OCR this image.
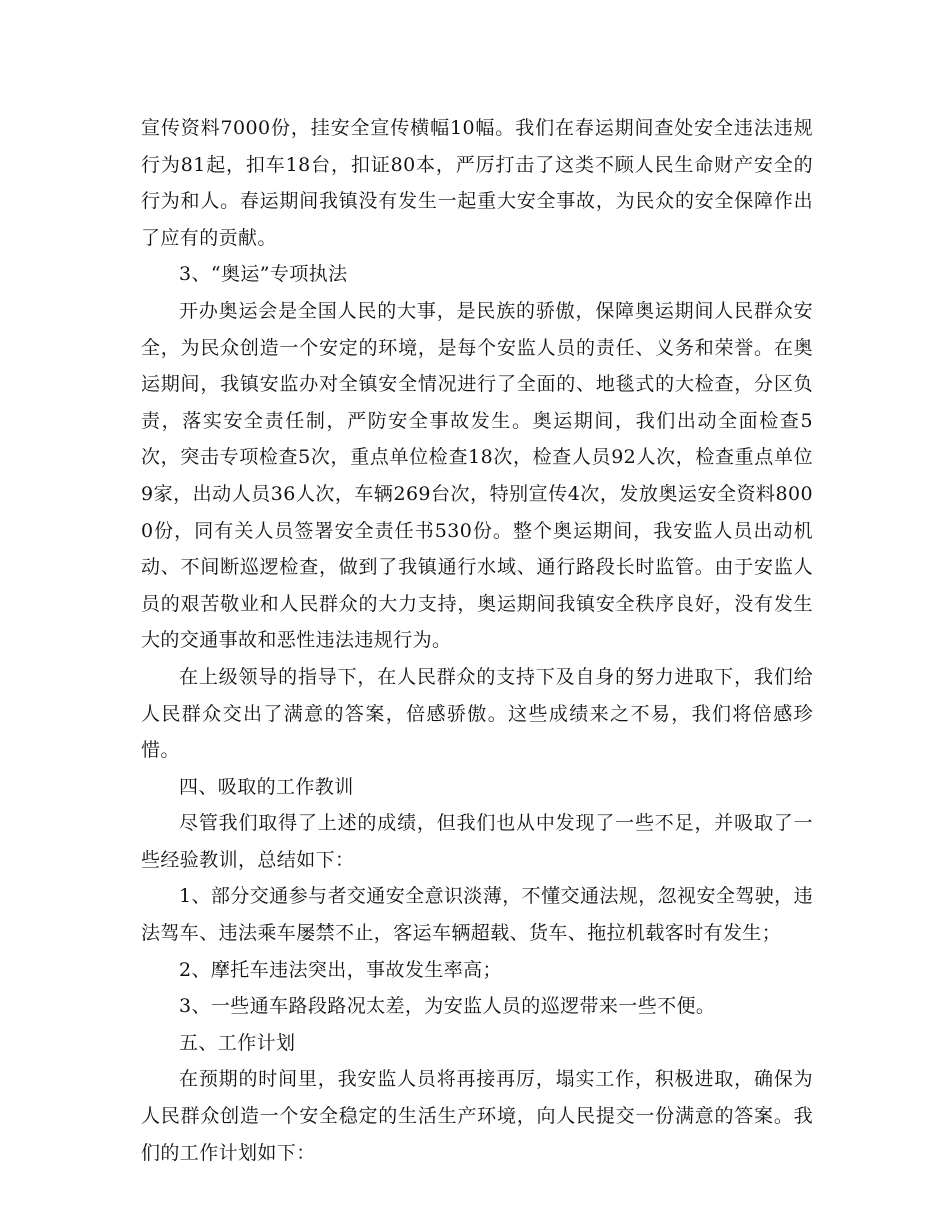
宣传资料7000份，挂安全宣传横幅10幅。我们在春运期间查处安全违法违规行为81起，扣车18台，扣证80本，严厉打击了这类不顾人民生命财产安全的行为和人。春运期间我镇没有发生一起重大安全事故，为民众的安全保障作出了应有的贡献。

3、“奥运”专项执法

开办奥运会是全国人民的大事，是民族的骄傲，保障奥运期间人民群众安全，为民众创造一个安定的环境，是每个安监人员的责任、义务和荣誉。在奥运期间，我镇安监办对全镇安全情况进行了全面的、地毯式的大检查，分区负责，落实安全责任制，严防安全事故发生。奥运期间，我们出动全面检查5次，突击专项检查5次，重点单位检查18次，检查人员92人次，检查重点单位9家，出动人员36人次，车辆269台次，特别宣传4次，发放奥运安全资料8000份，同有关人员签署安全责任书530份。整个奥运期间，我安监人员出动机动、不间断巡逻检查，做到了我镇通行水域、通行路段长时监管。由于安监人员的艰苦敬业和人民群众的大力支持，奥运期间我镇安全秩序良好，没有发生大的交通事故和恶性违法违规行为。

在上级领导的指导下，在人民群众的支持下及自身的努力进取下，我们给人民群众交出了满意的答案，倍感骄傲。这些成绩来之不易，我们将倍感珍惜。

四、吸取的工作教训

尽管我们取得了上述的成绩，但我们也从中发现了一些不足，并吸取了一些经验教训，总结如下：

1、部分交通参与者交通安全意识淡薄，不懂交通法规，忽视安全驾驶，违法驾车、违法乘车屡禁不止，客运车辆超载、货车、拖拉机载客时有发生；

2、摩托车违法突出，事故发生率高；

3、一些通车路段路况太差，为安监人员的巡逻带来一些不便。

五、工作计划

在预期的时间里，我安监人员将再接再厉，塌实工作，积极进取，确保为人民群众创造一个安全稳定的生活生产环境，向人民提交一份满意的答案。我们的工作计划如下：
